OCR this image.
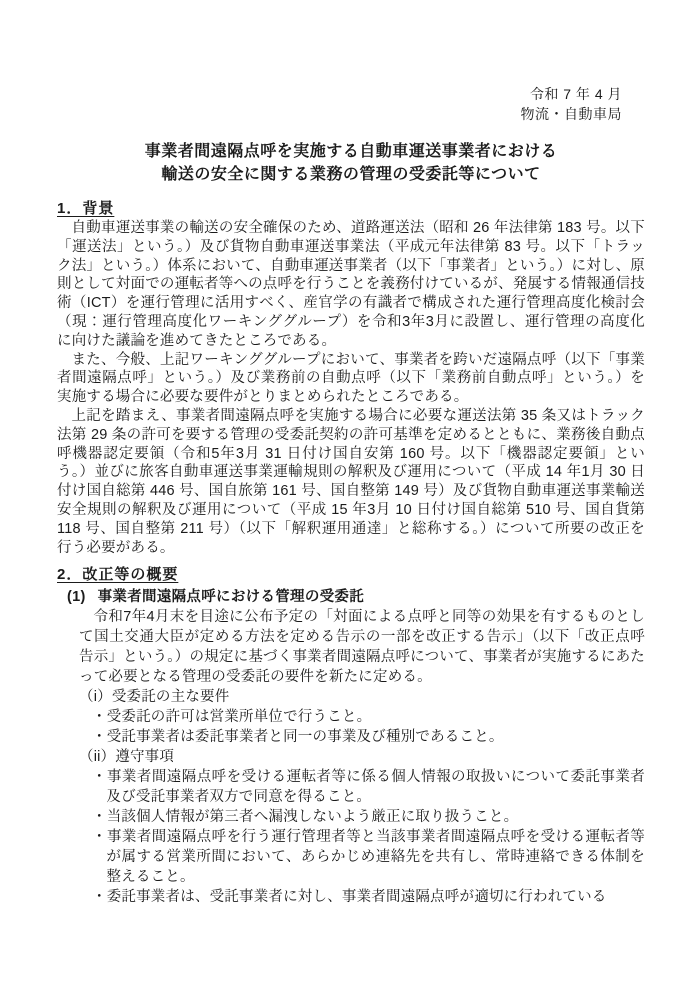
令和 7 年 4 月
物流・自動車局
事業者間遠隔点呼を実施する自動車運送事業者における
輸送の安全に関する業務の管理の受委託等について
1．背景

自動車運送事業の輸送の安全確保のため、道路運送法（昭和 26 年法律第 183 号。以下「運送法」という。）及び貨物自動車運送事業法（平成元年法律第 83 号。以下「トラック法」という。）体系において、自動車運送事業者（以下「事業者」という。）に対し、原則として対面での運転者等への点呼を行うことを義務付けているが、発展する情報通信技術（ICT）を運行管理に活用すべく、産官学の有識者で構成された運行管理高度化検討会（現：運行管理高度化ワーキンググループ）を令和3年3月に設置し、運行管理の高度化に向けた議論を進めてきたところである。

また、今般、上記ワーキンググループにおいて、事業者を跨いだ遠隔点呼（以下「事業者間遠隔点呼」という。）及び業務前の自動点呼（以下「業務前自動点呼」という。）を実施する場合に必要な要件がとりまとめられたところである。

上記を踏まえ、事業者間遠隔点呼を実施する場合に必要な運送法第 35 条又はトラック法第 29 条の許可を要する管理の受委託契約の許可基準を定めるとともに、業務後自動点呼機器認定要領（令和5年3月 31 日付け国自安第 160 号。以下「機器認定要領」という。）並びに旅客自動車運送事業運輸規則の解釈及び運用について（平成 14 年1月 30 日付け国自総第 446 号、国自旅第 161 号、国自整第 149 号）及び貨物自動車運送事業輸送安全規則の解釈及び運用について（平成 15 年3月 10 日付け国自総第 510 号、国自貨第 118 号、国自整第 211 号）（以下「解釈運用通達」と総称する。）について所要の改正を行う必要がある。

2．改正等の概要
(1) 事業者間遠隔点呼における管理の受委託

令和7年4月末を目途に公布予定の「対面による点呼と同等の効果を有するものとして国土交通大臣が定める方法を定める告示の一部を改正する告示」（以下「改正点呼告示」という。）の規定に基づく事業者間遠隔点呼について、事業者が実施するにあたって必要となる管理の受委託の要件を新たに定める。

（i）受委託の主な要件
・受委託の許可は営業所単位で行うこと。
・受託事業者は委託事業者と同一の事業及び種別であること。
（ii）遵守事項
・事業者間遠隔点呼を受ける運転者等に係る個人情報の取扱いについて委託事業者及び受託事業者双方で同意を得ること。
・当該個人情報が第三者へ漏洩しないよう厳正に取り扱うこと。
・事業者間遠隔点呼を行う運行管理者等と当該事業者間遠隔点呼を受ける運転者等が属する営業所間において、あらかじめ連絡先を共有し、常時連絡できる体制を整えること。
・委託事業者は、受託事業者に対し、事業者間遠隔点呼が適切に行われている
